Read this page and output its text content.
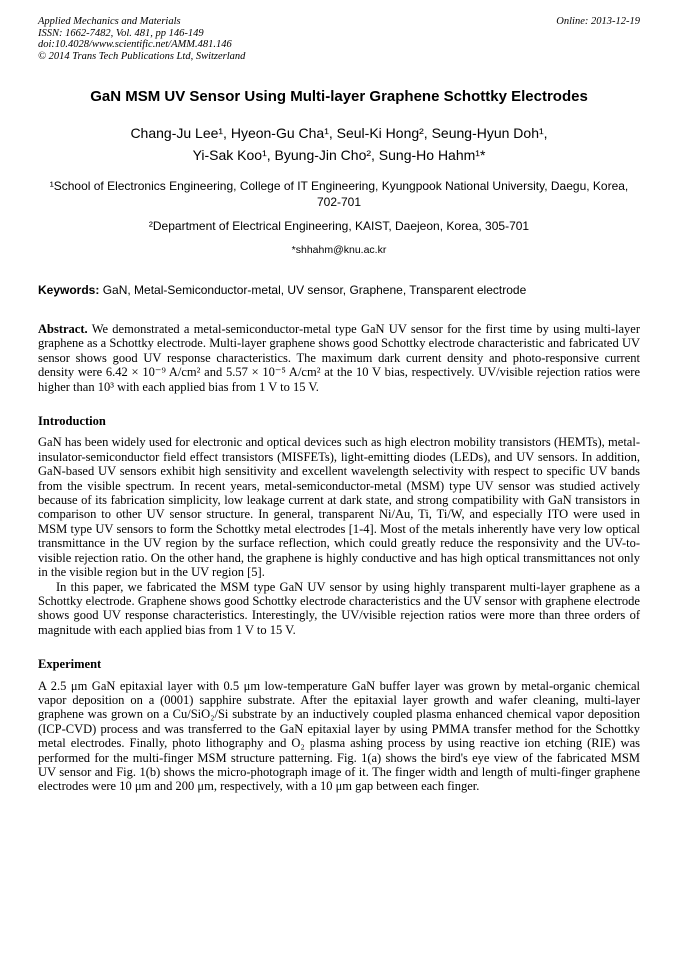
Applied Mechanics and Materials
ISSN: 1662-7482, Vol. 481, pp 146-149
doi:10.4028/www.scientific.net/AMM.481.146
© 2014 Trans Tech Publications Ltd, Switzerland
Online: 2013-12-19
GaN MSM UV Sensor Using Multi-layer Graphene Schottky Electrodes
Chang-Ju Lee¹, Hyeon-Gu Cha¹, Seul-Ki Hong², Seung-Hyun Doh¹,
Yi-Sak Koo¹, Byung-Jin Cho², Sung-Ho Hahm¹*
¹School of Electronics Engineering, College of IT Engineering, Kyungpook National University, Daegu, Korea, 702-701
²Department of Electrical Engineering, KAIST, Daejeon, Korea, 305-701
*shhahm@knu.ac.kr

Keywords: GaN, Metal-Semiconductor-metal, UV sensor, Graphene, Transparent electrode

Abstract. We demonstrated a metal-semiconductor-metal type GaN UV sensor for the first time by using multi-layer graphene as a Schottky electrode. Multi-layer graphene shows good Schottky electrode characteristic and fabricated UV sensor shows good UV response characteristics. The maximum dark current density and photo-responsive current density were 6.42 × 10⁻⁹ A/cm² and 5.57 × 10⁻⁵ A/cm² at the 10 V bias, respectively. UV/visible rejection ratios were higher than 10³ with each applied bias from 1 V to 15 V.

Introduction

GaN has been widely used for electronic and optical devices such as high electron mobility transistors (HEMTs), metal-insulator-semiconductor field effect transistors (MISFETs), light-emitting diodes (LEDs), and UV sensors. In addition, GaN-based UV sensors exhibit high sensitivity and excellent wavelength selectivity with respect to specific UV bands from the visible spectrum. In recent years, metal-semiconductor-metal (MSM) type UV sensor was studied actively because of its fabrication simplicity, low leakage current at dark state, and strong compatibility with GaN transistors in comparison to other UV sensor structure. In general, transparent Ni/Au, Ti, Ti/W, and especially ITO were used in MSM type UV sensors to form the Schottky metal electrodes [1-4]. Most of the metals inherently have very low optical transmittance in the UV region by the surface reflection, which could greatly reduce the responsivity and the UV-to-visible rejection ratio. On the other hand, the graphene is highly conductive and has high optical transmittances not only in the visible region but in the UV region [5].

In this paper, we fabricated the MSM type GaN UV sensor by using highly transparent multi-layer graphene as a Schottky electrode. Graphene shows good Schottky electrode characteristics and the UV sensor with graphene electrode shows good UV response characteristics. Interestingly, the UV/visible rejection ratios were more than three orders of magnitude with each applied bias from 1 V to 15 V.

Experiment

A 2.5 μm GaN epitaxial layer with 0.5 μm low-temperature GaN buffer layer was grown by metal-organic chemical vapor deposition on a (0001) sapphire substrate. After the epitaxial layer growth and wafer cleaning, multi-layer graphene was grown on a Cu/SiO₂/Si substrate by an inductively coupled plasma enhanced chemical vapor deposition (ICP-CVD) process and was transferred to the GaN epitaxial layer by using PMMA transfer method for the Schottky metal electrodes. Finally, photo lithography and O₂ plasma ashing process by using reactive ion etching (RIE) was performed for the multi-finger MSM structure patterning. Fig. 1(a) shows the bird's eye view of the fabricated MSM UV sensor and Fig. 1(b) shows the micro-photograph image of it. The finger width and length of multi-finger graphene electrodes were 10 μm and 200 μm, respectively, with a 10 μm gap between each finger.
